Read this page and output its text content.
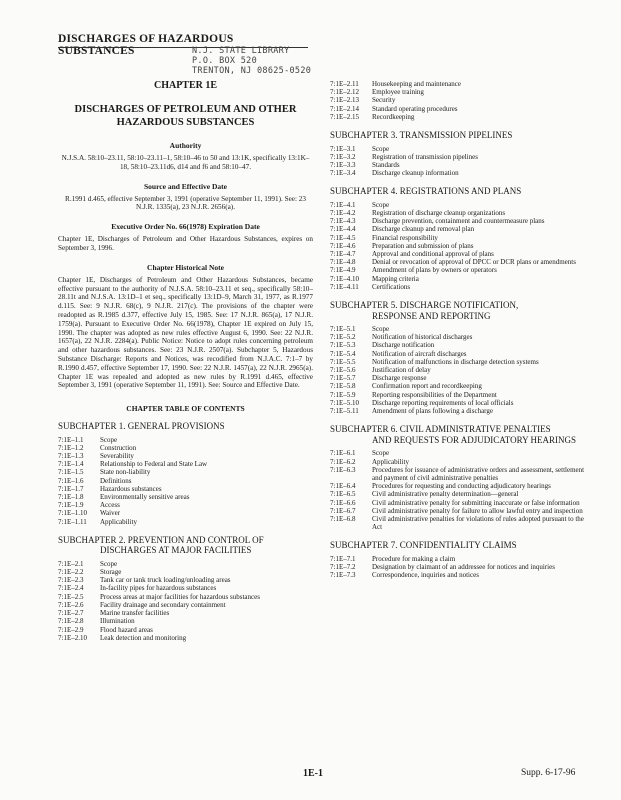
DISCHARGES OF HAZARDOUS SUBSTANCES	N.J. STATE LIBRARY
P.O. BOX 520
TRENTON, NJ 08625-0520
CHAPTER 1E
DISCHARGES OF PETROLEUM AND OTHER HAZARDOUS SUBSTANCES
Authority
N.J.S.A. 58:10–23.11, 58:10–23.11–1, 58:10–46 to 50 and 13:1K, specifically 13:1K–18, 58:10–23.11d6, d14 and f6 and 58:10–47.
Source and Effective Date
R.1991 d.465, effective September 3, 1991 (operative September 11, 1991). See: 23 N.J.R. 1335(a), 23 N.J.R. 2656(a).
Executive Order No. 66(1978) Expiration Date
Chapter 1E, Discharges of Petroleum and Other Hazardous Substances, expires on September 3, 1996.
Chapter Historical Note
Chapter 1E, Discharges of Petroleum and Other Hazardous Substances, became effective pursuant to the authority of N.J.S.A. 58:10–23.11 et seq., specifically 58:10–28.11t and N.J.S.A. 13:1D–1 et seq., specifically 13:1D–9, March 31, 1977, as R.1977 d.115. See: 9 N.J.R. 68(c), 9 N.J.R. 217(c). The provisions of the chapter were readopted as R.1985 d.377, effective July 15, 1985. See: 17 N.J.R. 865(a), 17 N.J.R. 1759(a). Pursuant to Executive Order No. 66(1978), Chapter 1E expired on July 15, 1990. The chapter was adopted as new rules effective August 6, 1990. See: 22 N.J.R. 1657(a), 22 N.J.R. 2284(a). Public Notice: Notice to adopt rules concerning petroleum and other hazardous substances. See: 23 N.J.R. 2507(a). Subchapter 5, Hazardous Substance Discharge: Reports and Notices, was recodified from N.J.A.C. 7:1–7 by R.1990 d.457, effective September 17, 1990. See: 22 N.J.R. 1457(a), 22 N.J.R. 2965(a). Chapter 1E was repealed and adopted as new rules by R.1991 d.465, effective September 3, 1991 (operative September 11, 1991). See: Source and Effective Date.
CHAPTER TABLE OF CONTENTS
SUBCHAPTER 1. GENERAL PROVISIONS
7:1E–1.1	Scope
7:1E–1.2	Construction
7:1E–1.3	Severability
7:1E–1.4	Relationship to Federal and State Law
7:1E–1.5	State non-liability
7:1E–1.6	Definitions
7:1E–1.7	Hazardous substances
7:1E–1.8	Environmentally sensitive areas
7:1E–1.9	Access
7:1E–1.10	Waiver
7:1E–1.11	Applicability
SUBCHAPTER 2. PREVENTION AND CONTROL OF
DISCHARGES AT MAJOR FACILITIES
7:1E–2.1	Scope
7:1E–2.2	Storage
7:1E–2.3	Tank car or tank truck loading/unloading areas
7:1E–2.4	In-facility pipes for hazardous substances
7:1E–2.5	Process areas at major facilities for hazardous substances
7:1E–2.6	Facility drainage and secondary containment
7:1E–2.7	Marine transfer facilities
7:1E–2.8	Illumination
7:1E–2.9	Flood hazard areas
7:1E–2.10	Leak detection and monitoring
7:1E–2.11	Housekeeping and maintenance
7:1E–2.12	Employee training
7:1E–2.13	Security
7:1E–2.14	Standard operating procedures
7:1E–2.15	Recordkeeping
SUBCHAPTER 3. TRANSMISSION PIPELINES
7:1E–3.1	Scope
7:1E–3.2	Registration of transmission pipelines
7:1E–3.3	Standards
7:1E–3.4	Discharge cleanup information
SUBCHAPTER 4. REGISTRATIONS AND PLANS
7:1E–4.1	Scope
7:1E–4.2	Registration of discharge cleanup organizations
7:1E–4.3	Discharge prevention, containment and countermeasure plans
7:1E–4.4	Discharge cleanup and removal plan
7:1E–4.5	Financial responsibility
7:1E–4.6	Preparation and submission of plans
7:1E–4.7	Approval and conditional approval of plans
7:1E–4.8	Denial or revocation of approval of DPCC or DCR plans or amendments
7:1E–4.9	Amendment of plans by owners or operators
7:1E–4.10	Mapping criteria
7:1E–4.11	Certifications
SUBCHAPTER 5. DISCHARGE NOTIFICATION,
RESPONSE AND REPORTING
7:1E–5.1	Scope
7:1E–5.2	Notification of historical discharges
7:1E–5.3	Discharge notification
7:1E–5.4	Notification of aircraft discharges
7:1E–5.5	Notification of malfunctions in discharge detection systems
7:1E–5.6	Justification of delay
7:1E–5.7	Discharge response
7:1E–5.8	Confirmation report and recordkeeping
7:1E–5.9	Reporting responsibilities of the Department
7:1E–5.10	Discharge reporting requirements of local officials
7:1E–5.11	Amendment of plans following a discharge
SUBCHAPTER 6. CIVIL ADMINISTRATIVE PENALTIES
AND REQUESTS FOR ADJUDICATORY HEARINGS
7:1E–6.1	Scope
7:1E–6.2	Applicability
7:1E–6.3	Procedures for issuance of administrative orders and assessment, settlement and payment of civil administrative penalties
7:1E–6.4	Procedures for requesting and conducting adjudicatory hearings
7:1E–6.5	Civil administrative penalty determination—general
7:1E–6.6	Civil administrative penalty for submitting inaccurate or false information
7:1E–6.7	Civil administrative penalty for failure to allow lawful entry and inspection
7:1E–6.8	Civil administrative penalties for violations of rules adopted pursuant to the Act
SUBCHAPTER 7. CONFIDENTIALITY CLAIMS
7:1E–7.1	Procedure for making a claim
7:1E–7.2	Designation by claimant of an addressee for notices and inquiries
7:1E–7.3	Correspondence, inquiries and notices
1E-1	Supp. 6-17-96
